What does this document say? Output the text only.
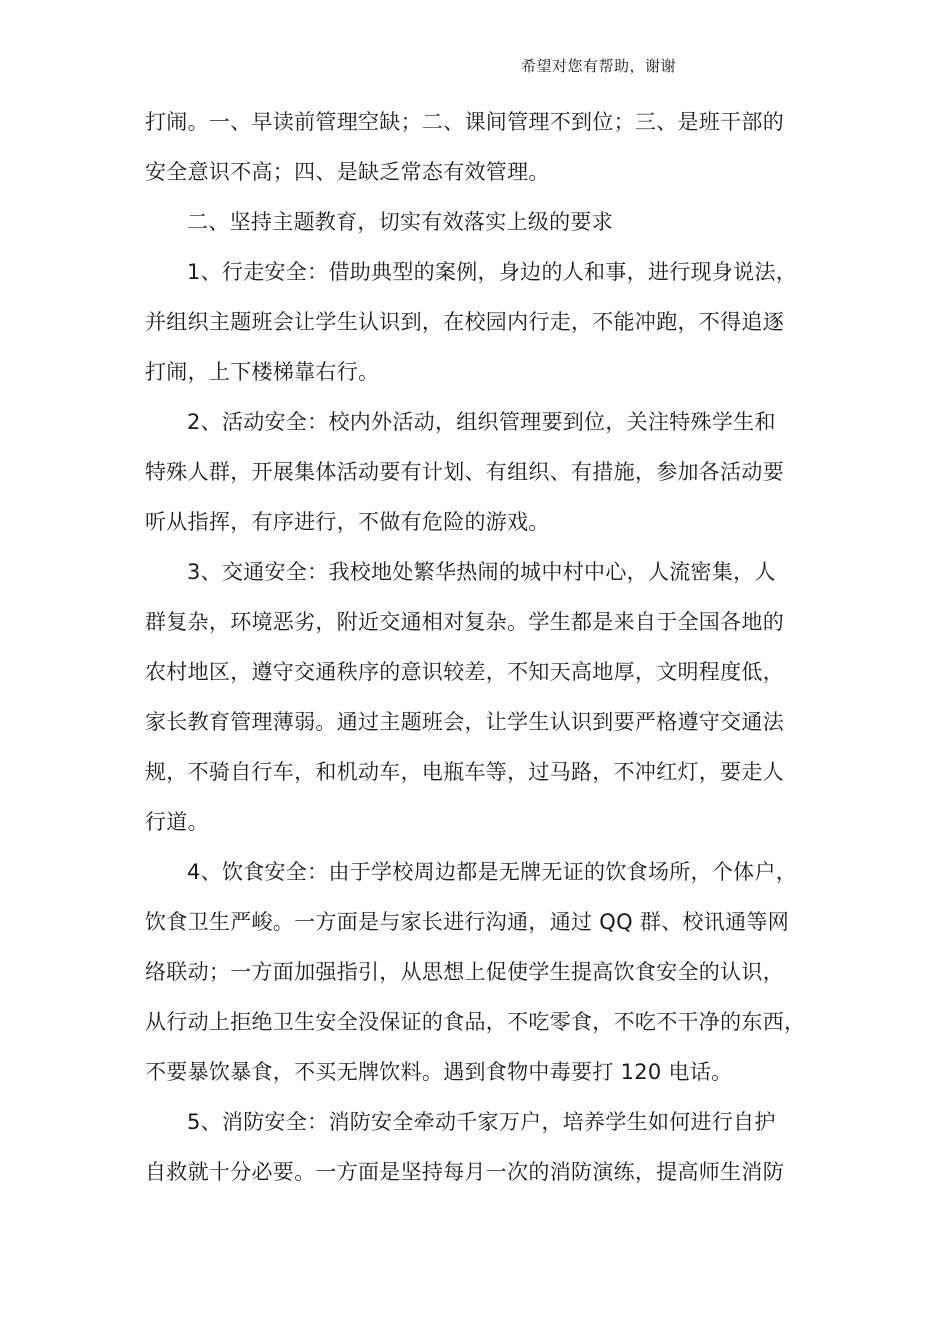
希望对您有帮助，谢谢
打闹。一、早读前管理空缺；二、课间管理不到位；三、是班干部的
安全意识不高；四、是缺乏常态有效管理。
二、坚持主题教育，切实有效落实上级的要求
1、行走安全：借助典型的案例，身边的人和事，进行现身说法，
并组织主题班会让学生认识到，在校园内行走，不能冲跑，不得追逐
打闹，上下楼梯靠右行。
2、活动安全：校内外活动，组织管理要到位，关注特殊学生和
特殊人群，开展集体活动要有计划、有组织、有措施，参加各活动要
听从指挥，有序进行，不做有危险的游戏。
3、交通安全：我校地处繁华热闹的城中村中心，人流密集，人
群复杂，环境恶劣，附近交通相对复杂。学生都是来自于全国各地的
农村地区，遵守交通秩序的意识较差，不知天高地厚，文明程度低，
家长教育管理薄弱。通过主题班会，让学生认识到要严格遵守交通法
规，不骑自行车，和机动车，电瓶车等，过马路，不冲红灯，要走人
行道。
4、饮食安全：由于学校周边都是无牌无证的饮食场所，个体户，
饮食卫生严峻。一方面是与家长进行沟通，通过 QQ 群、校讯通等网
络联动；一方面加强指引，从思想上促使学生提高饮食安全的认识，
从行动上拒绝卫生安全没保证的食品，不吃零食，不吃不干净的东西，
不要暴饮暴食，不买无牌饮料。遇到食物中毒要打 120 电话。
5、消防安全：消防安全牵动千家万户，培养学生如何进行自护
自救就十分必要。一方面是坚持每月一次的消防演练，提高师生消防
